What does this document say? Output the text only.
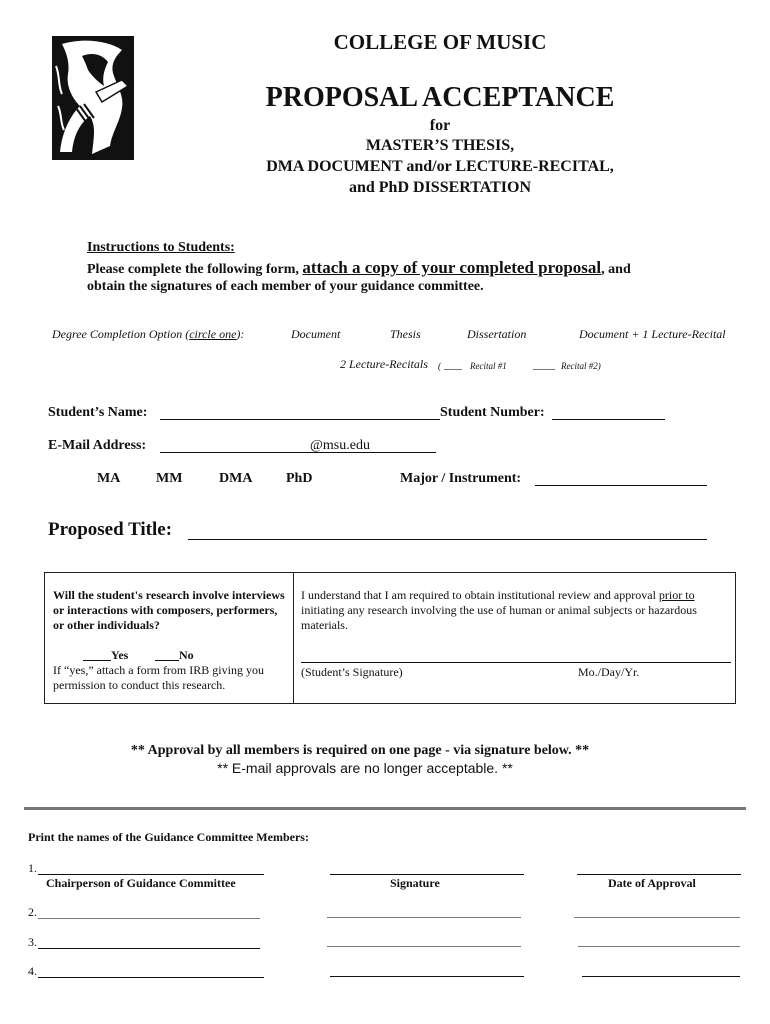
COLLEGE OF MUSIC
PROPOSAL ACCEPTANCE
for
MASTER’S THESIS,
DMA DOCUMENT and/or LECTURE-RECITAL,
and PhD DISSERTATION
Instructions to Students:
Please complete the following form, attach a copy of your completed proposal, and
obtain the signatures of each member of your guidance committee.
Degree Completion Option (circle one):	Document	Thesis	Dissertation	Document + 1 Lecture-Recital
2 Lecture-Recitals (	Recital #1	Recital #2)
Student’s Name:	Student Number:
E-Mail Address:	@msu.edu
MA	MM	DMA PhD	Major / Instrument:
Proposed Title:
Will the student's research involve interviews or interactions with composers, performers, or other individuals?
Yes	No
If “yes,” attach a form from IRB giving you permission to conduct this research.
I understand that I am required to obtain institutional review and approval prior to initiating any research involving the use of human or animal subjects or hazardous materials.
(Student’s Signature)	Mo./Day/Yr.
** Approval by all members is required on one page - via signature below. **
** E-mail approvals are no longer acceptable. **
Print the names of the Guidance Committee Members:
1.
Chairperson of Guidance Committee	Signature	Date of Approval
2.
3.
4.
